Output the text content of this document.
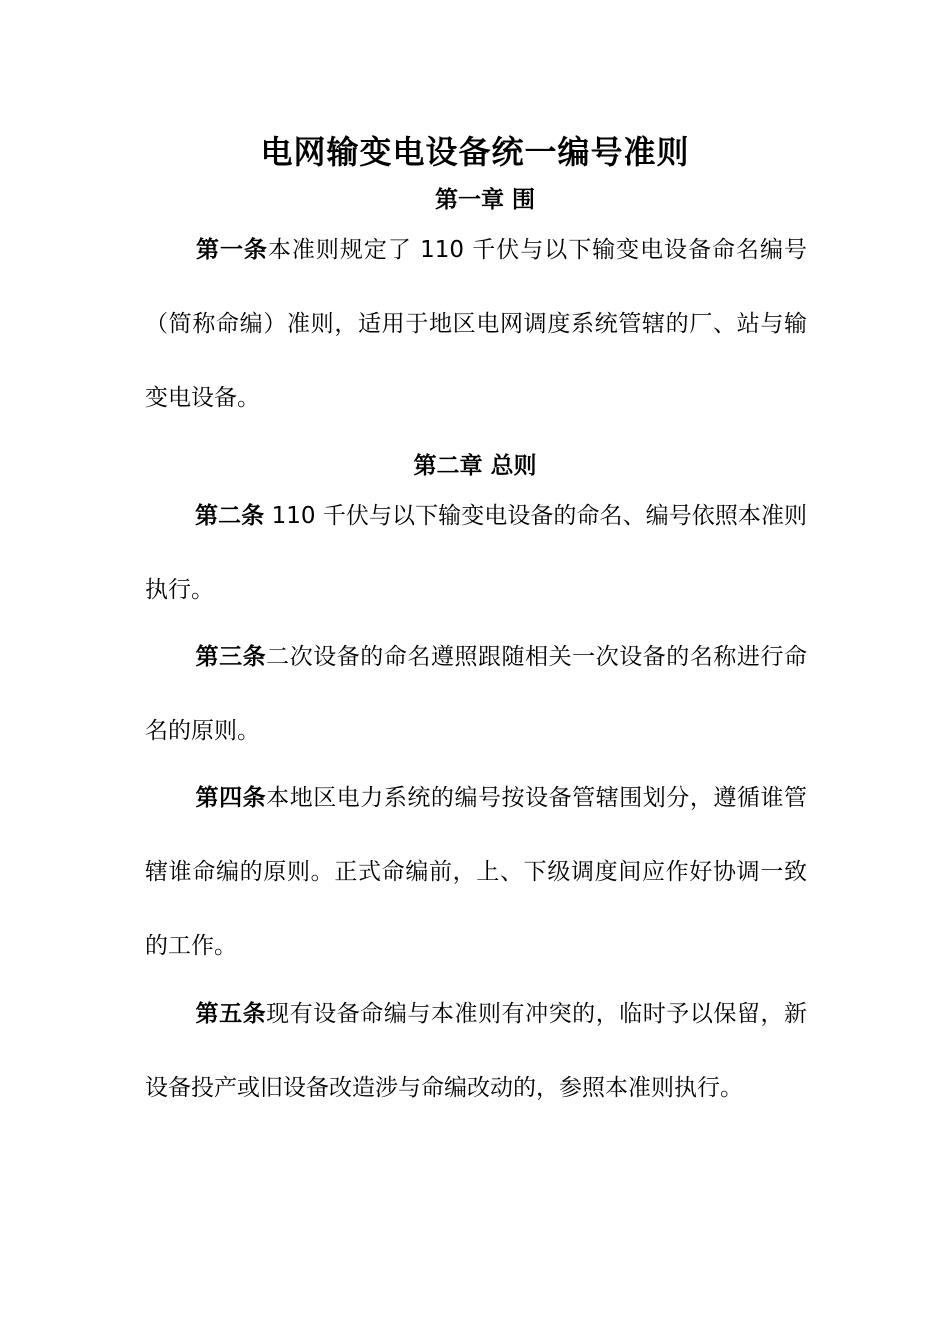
电网输变电设备统一编号准则
第一章 围

第一条本准则规定了 110 千伏与以下输变电设备命名编号（简称命编）准则，适用于地区电网调度系统管辖的厂、站与输变电设备。

第二章 总则

第二条 110 千伏与以下输变电设备的命名、编号依照本准则执行。

第三条二次设备的命名遵照跟随相关一次设备的名称进行命名的原则。

第四条本地区电力系统的编号按设备管辖围划分，遵循谁管辖谁命编的原则。正式命编前，上、下级调度间应作好协调一致的工作。

第五条现有设备命编与本准则有冲突的，临时予以保留，新设备投产或旧设备改造涉与命编改动的，参照本准则执行。
